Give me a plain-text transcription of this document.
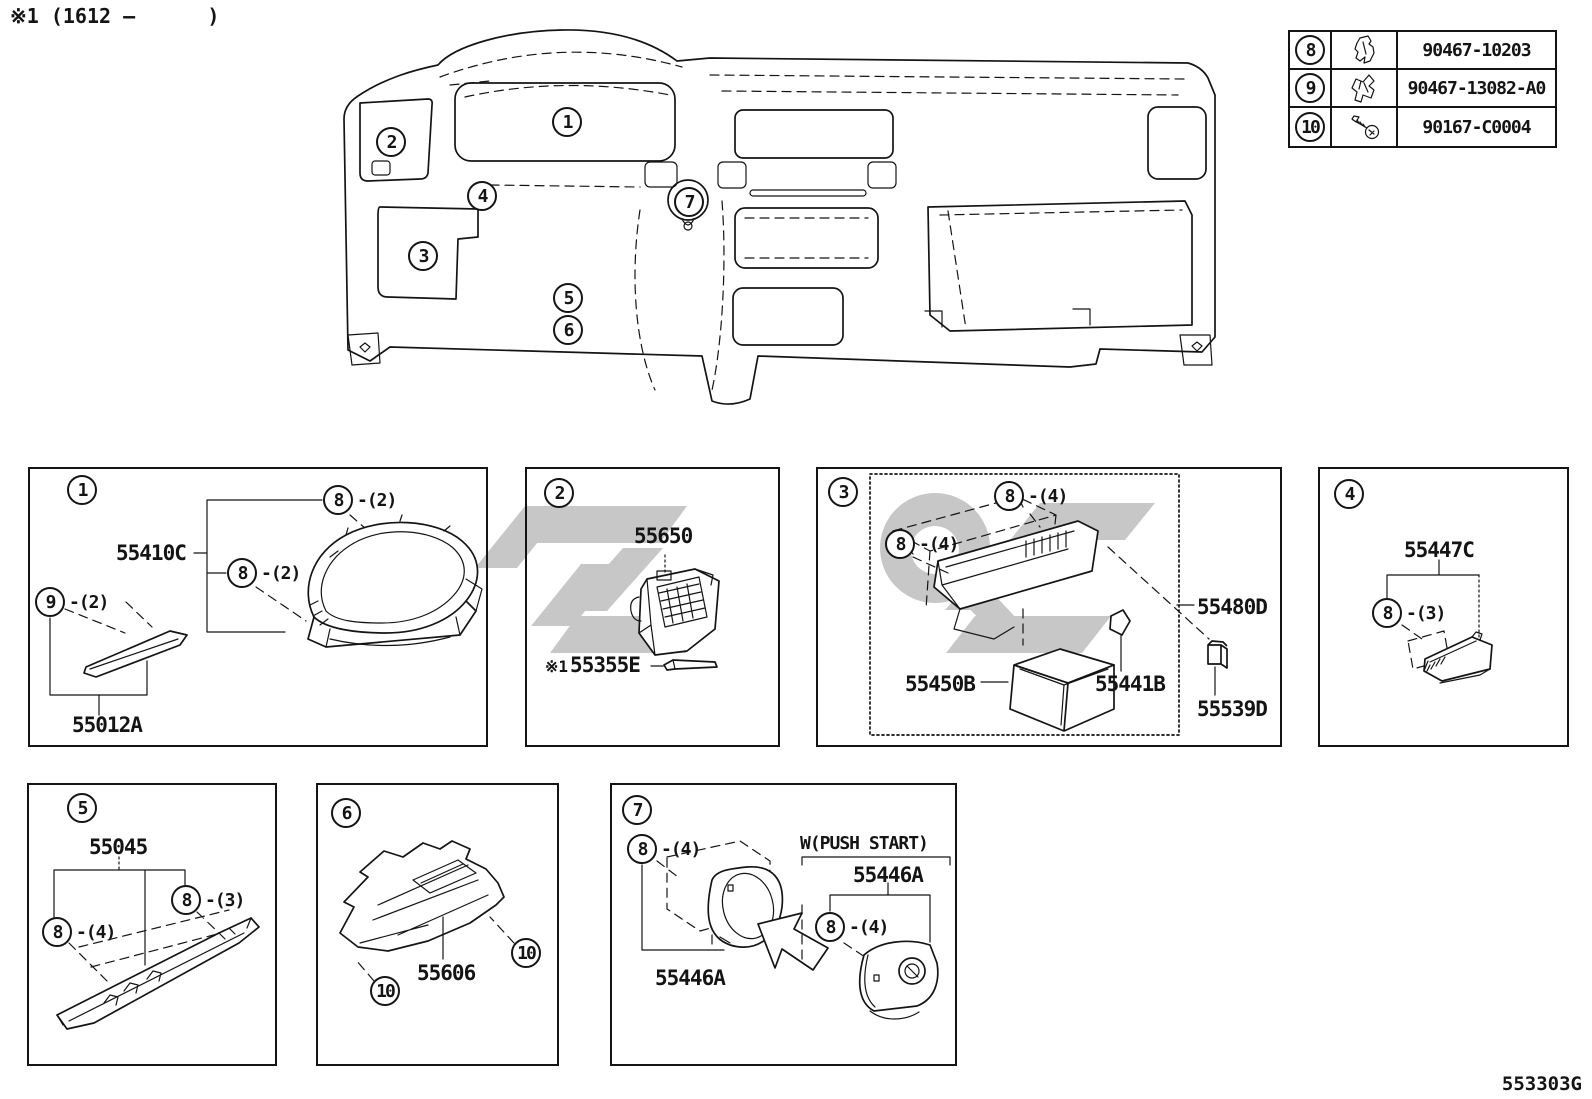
※1 (1612 –      )
553303G
8	90467-10203
9	90467-13082-A0
10	90167-C0004
1
2
3
4
5
6
7
1
55410C
8 -(2)
8 -(2)
9 -(2)
55012A
2
55650
※1 55355E
3	8 -(4)
8 -(4)
55480D
55450B	55441B
55539D
4
55447C
8 -(3)
5
55045
8 -(4)
8 -(3)
6
55606
10
10
7
8 -(4)
55446A
W(PUSH START)
55446A
8 -(4)
